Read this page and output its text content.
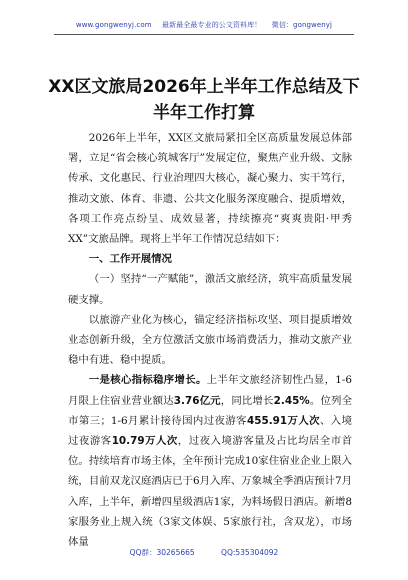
www.gongwenyj.com 最新最全最专业的公文资料库！ 微信：gongwenyj
XX区文旅局2026年上半年工作总结及下
半年工作打算

2026年上半年，XX区文旅局紧扣全区高质量发展总体部署，立足“省会核心筑城客厅”发展定位，聚焦产业升级、文脉传承、文化惠民、行业治理四大核心，凝心聚力、实干笃行，推动文旅、体育、非遗、公共文化服务深度融合、提质增效，各项工作亮点纷呈、成效显著，持续擦亮“爽爽贵阳·甲秀XX”文旅品牌。现将上半年工作情况总结如下：

一、工作开展情况

（一）坚持“一产赋能”，激活文旅经济，筑牢高质量发展硬支撑。

以旅游产业化为核心，锚定经济指标攻坚、项目提质增效业态创新升级，全方位激活文旅市场消费活力，推动文旅产业稳中有进、稳中提质。

一是核心指标稳序增长。上半年文旅经济韧性凸显，1-6月限上住宿业营业额达3.76亿元，同比增长2.45%。位列全市第三；1-6月累计接待国内过夜游客455.91万人次、入境过夜游客10.79万人次，过夜入境游客量及占比均居全市首位。持续培育市场主体，全年预计完成10家住宿业企业上限入统，目前双龙汉庭酒店已于6月入库、万象城全季酒店预计7月入库，上半年，新增四星级酒店1家，为料场假日酒店。新增8家服务业上规入统（3家文体娱、5家旅行社，含双龙），市场体量

QQ群：30265665	QQ:535304092
